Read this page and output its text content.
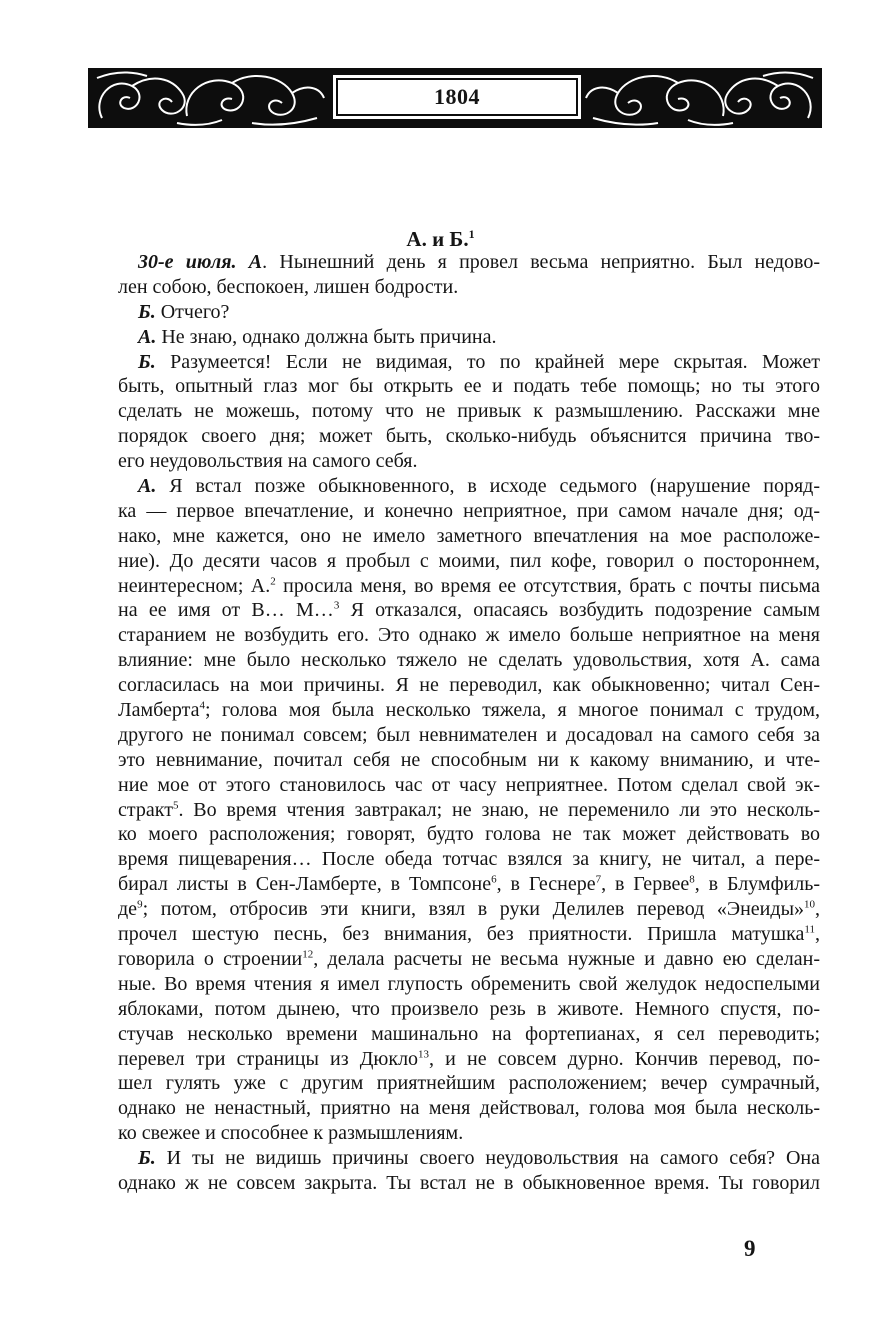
1804
А. и Б.$^1$
30-е июля. А. Нынешний день я провел весьма неприятно. Был недово-
лен собою, беспокоен, лишен бодрости.
Б. Отчего?
А. Не знаю, однако должна быть причина.
Б. Разумеется! Если не видимая, то по крайней мере скрытая. Может
быть, опытный глаз мог бы открыть ее и подать тебе помощь; но ты этого
сделать не можешь, потому что не привык к размышлению. Расскажи мне
порядок своего дня; может быть, сколько-нибудь объяснится причина тво-
его неудовольствия на самого себя.
А. Я встал позже обыкновенного, в исходе седьмого (нарушение поряд-
ка — первое впечатление, и конечно неприятное, при самом начале дня; од-
нако, мне кажется, оно не имело заметного впечатления на мое расположе-
ние). До десяти часов я пробыл с моими, пил кофе, говорил о постороннем,
неинтересном; А.$^2$ просила меня, во время ее отсутствия, брать с почты письма
на ее имя от В… М…$^3$ Я отказался, опасаясь возбудить подозрение самым
старанием не возбудить его. Это однако ж имело больше неприятное на меня
влияние: мне было несколько тяжело не сделать удовольствия, хотя А. сама
согласилась на мои причины. Я не переводил, как обыкновенно; читал Сен-
Ламберта$^4$; голова моя была несколько тяжела, я многое понимал с трудом,
другого не понимал совсем; был невнимателен и досадовал на самого себя за
это невнимание, почитал себя не способным ни к какому вниманию, и чте-
ние мое от этого становилось час от часу неприятнее. Потом сделал свой эк-
стракт$^5$. Во время чтения завтракал; не знаю, не переменило ли это несколь-
ко моего расположения; говорят, будто голова не так может действовать во
время пищеварения… После обеда тотчас взялся за книгу, не читал, а пере-
бирал листы в Сен-Ламберте, в Томпсоне$^6$, в Геснере$^7$, в Гервее$^8$, в Блумфиль-
$де^9$; потом, отбросив эти книги, взял в руки Делилев перевод «Энеиды»$^{10}$,
прочел шестую песнь, без внимания, без приятности. Пришла матушка$^{11}$,
говорила о строении$^{12}$, делала расчеты не весьма нужные и давно ею сделан-
ные. Во время чтения я имел глупость обременить свой желудок недоспелыми
яблоками, потом дынею, что произвело резь в животе. Немного спустя, по-
стучав несколько времени машинально на фортепианах, я сел переводить;
перевел три страницы из Дюкло$^{13}$, и не совсем дурно. Кончив перевод, по-
шел гулять уже с другим приятнейшим расположением; вечер сумрачный,
однако не ненастный, приятно на меня действовал, голова моя была несколь-
ко свежее и способнее к размышлениям.
Б. И ты не видишь причины своего неудовольствия на самого себя? Она
однако ж не совсем закрыта. Ты встал не в обыкновенное время. Ты говорил
9
